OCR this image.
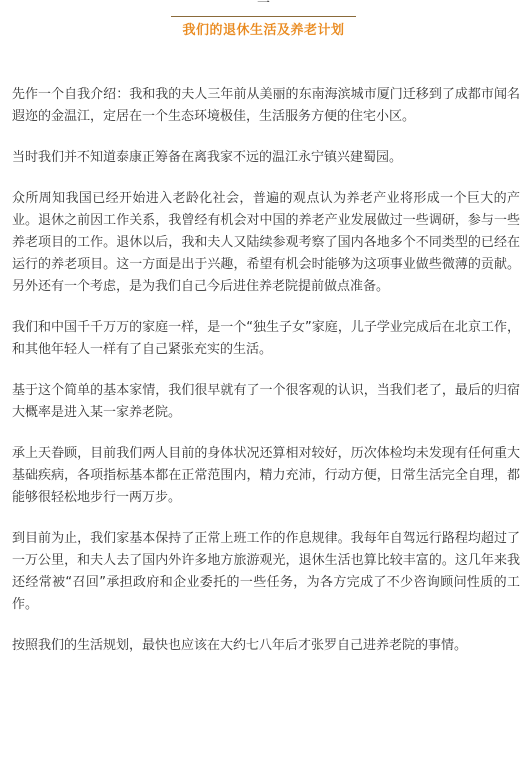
一
我们的退休生活及养老计划

先作一个自我介绍：我和我的夫人三年前从美丽的东南海滨城市厦门迁移到了成都市闻名遐迩的金温江，定居在一个生态环境极佳，生活服务方便的住宅小区。

当时我们并不知道泰康正筹备在离我家不远的温江永宁镇兴建蜀园。

众所周知我国已经开始进入老龄化社会，普遍的观点认为养老产业将形成一个巨大的产业。退休之前因工作关系，我曾经有机会对中国的养老产业发展做过一些调研，参与一些养老项目的工作。退休以后，我和夫人又陆续参观考察了国内各地多个不同类型的已经在运行的养老项目。这一方面是出于兴趣，希望有机会时能够为这项事业做些微薄的贡献。另外还有一个考虑，是为我们自己今后进住养老院提前做点准备。

我们和中国千千万万的家庭一样，是一个“独生子女”家庭，儿子学业完成后在北京工作，和其他年轻人一样有了自己紧张充实的生活。

基于这个简单的基本家情，我们很早就有了一个很客观的认识，当我们老了，最后的归宿大概率是进入某一家养老院。

承上天眷顾，目前我们两人目前的身体状况还算相对较好，历次体检均未发现有任何重大基础疾病，各项指标基本都在正常范围内，精力充沛，行动方便，日常生活完全自理，都能够很轻松地步行一两万步。

到目前为止，我们家基本保持了正常上班工作的作息规律。我每年自驾远行路程均超过了一万公里，和夫人去了国内外许多地方旅游观光，退休生活也算比较丰富的。这几年来我还经常被“召回”承担政府和企业委托的一些任务，为各方完成了不少咨询顾问性质的工作。

按照我们的生活规划，最快也应该在大约七八年后才张罗自己进养老院的事情。
